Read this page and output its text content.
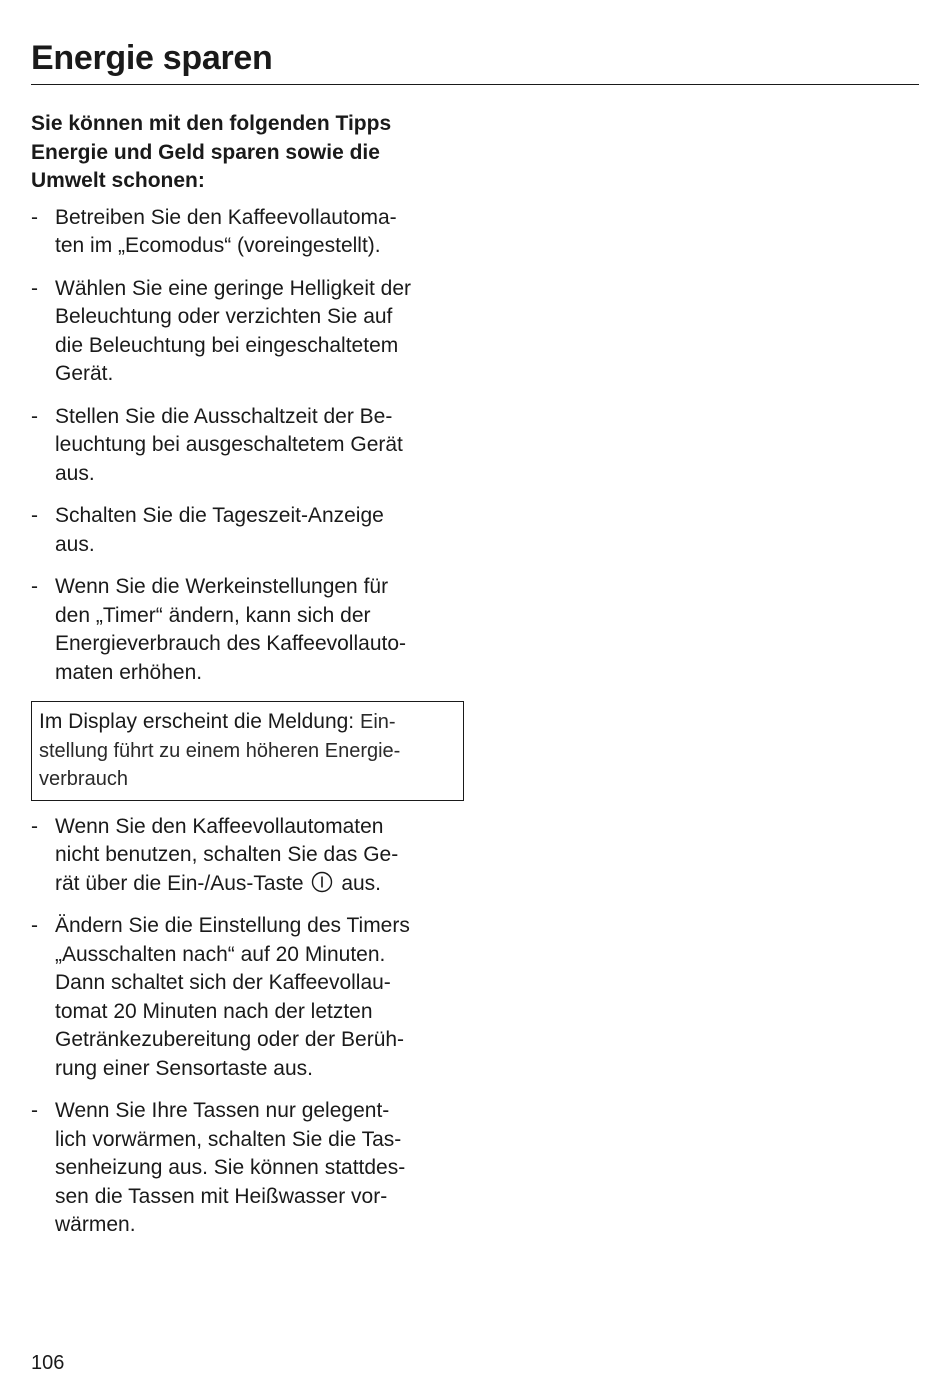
Energie sparen

Sie können mit den folgenden Tipps
Energie und Geld sparen sowie die
Umwelt schonen:

- Betreiben Sie den Kaffeevollautoma-
ten im „Ecomodus“ (voreingestellt).
- Wählen Sie eine geringe Helligkeit der
Beleuchtung oder verzichten Sie auf
die Beleuchtung bei eingeschaltetem
Gerät.
- Stellen Sie die Ausschaltzeit der Be-
leuchtung bei ausgeschaltetem Gerät
aus.
- Schalten Sie die Tageszeit-Anzeige
aus.
- Wenn Sie die Werkeinstellungen für
den „Timer“ ändern, kann sich der
Energieverbrauch des Kaffeevollauto-
maten erhöhen.
Im Display erscheint die Meldung: Ein-
stellung führt zu einem höheren Energie-
verbrauch
- Wenn Sie den Kaffeevollautomaten
nicht benutzen, schalten Sie das Ge-
rät über die Ein-/Aus-Taste aus.
- Ändern Sie die Einstellung des Timers
„Ausschalten nach“ auf 20 Minuten.
Dann schaltet sich der Kaffeevollau-
tomat 20 Minuten nach der letzten
Getränkezubereitung oder der Berüh-
rung einer Sensortaste aus.
- Wenn Sie Ihre Tassen nur gelegent-
lich vorwärmen, schalten Sie die Tas-
senheizung aus. Sie können stattdes-
sen die Tassen mit Heißwasser vor-
wärmen.
106
